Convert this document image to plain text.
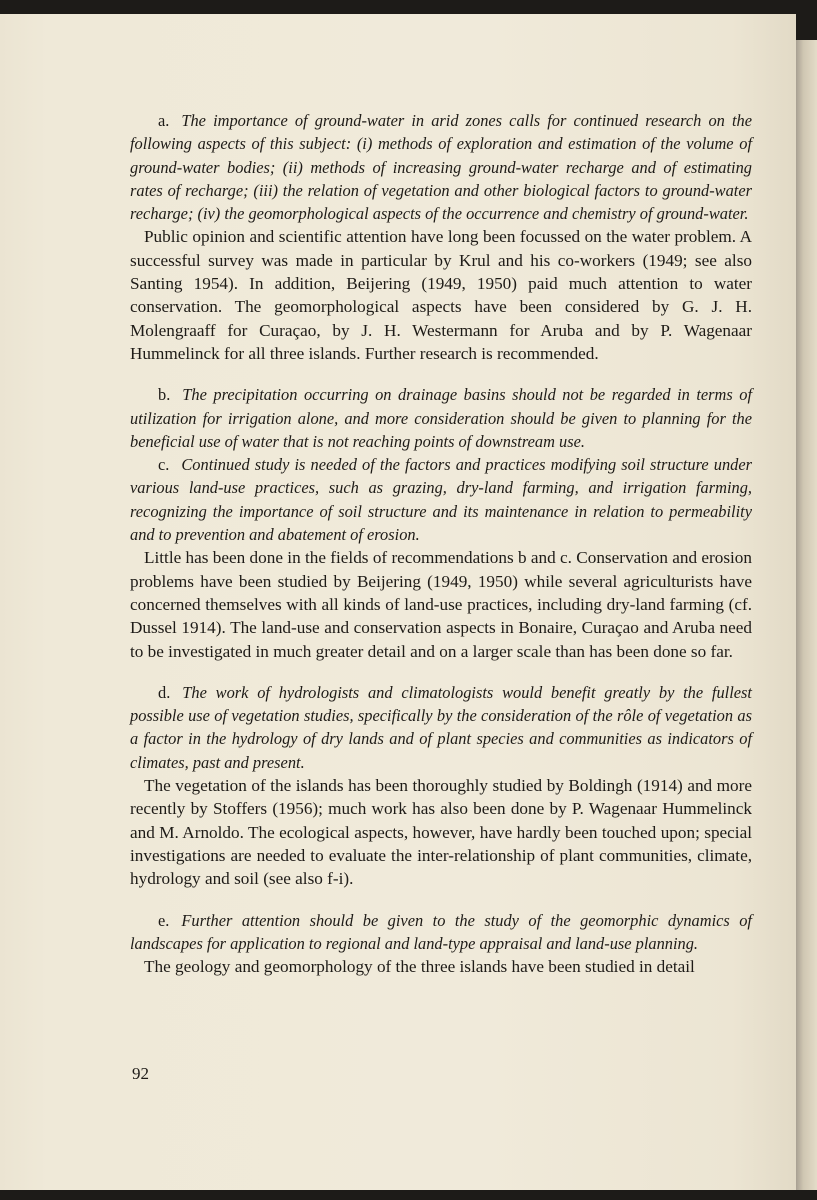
a. The importance of ground-water in arid zones calls for continued research on the following aspects of this subject: (i) methods of exploration and estimation of the volume of ground-water bodies; (ii) methods of increasing ground-water recharge and of estimating rates of recharge; (iii) the relation of vegetation and other biological factors to ground-water recharge; (iv) the geomorphological aspects of the occurrence and chemistry of ground-water.

Public opinion and scientific attention have long been focussed on the water problem. A successful survey was made in particular by Krul and his co-workers (1949; see also Santing 1954). In addition, Beijering (1949, 1950) paid much attention to water conservation. The geomorphological aspects have been considered by G. J. H. Molengraaff for Curaçao, by J. H. Westermann for Aruba and by P. Wagenaar Hummelinck for all three islands. Further research is recommended.

b. The precipitation occurring on drainage basins should not be regarded in terms of utilization for irrigation alone, and more consideration should be given to planning for the beneficial use of water that is not reaching points of downstream use.

c. Continued study is needed of the factors and practices modifying soil structure under various land-use practices, such as grazing, dry-land farming, and irrigation farming, recognizing the importance of soil structure and its maintenance in relation to permeability and to prevention and abatement of erosion.

Little has been done in the fields of recommendations b and c. Conservation and erosion problems have been studied by Beijering (1949, 1950) while several agriculturists have concerned themselves with all kinds of land-use practices, including dry-land farming (cf. Dussel 1914). The land-use and conservation aspects in Bonaire, Curaçao and Aruba need to be investigated in much greater detail and on a larger scale than has been done so far.

d. The work of hydrologists and climatologists would benefit greatly by the fullest possible use of vegetation studies, specifically by the consideration of the rôle of vegetation as a factor in the hydrology of dry lands and of plant species and communities as indicators of climates, past and present.

The vegetation of the islands has been thoroughly studied by Boldingh (1914) and more recently by Stoffers (1956); much work has also been done by P. Wagenaar Hummelinck and M. Arnoldo. The ecological aspects, however, have hardly been touched upon; special investigations are needed to evaluate the inter-relationship of plant communities, climate, hydrology and soil (see also f-i).

e. Further attention should be given to the study of the geomorphic dynamics of landscapes for application to regional and land-type appraisal and land-use planning.

The geology and geomorphology of the three islands have been studied in detail

92
